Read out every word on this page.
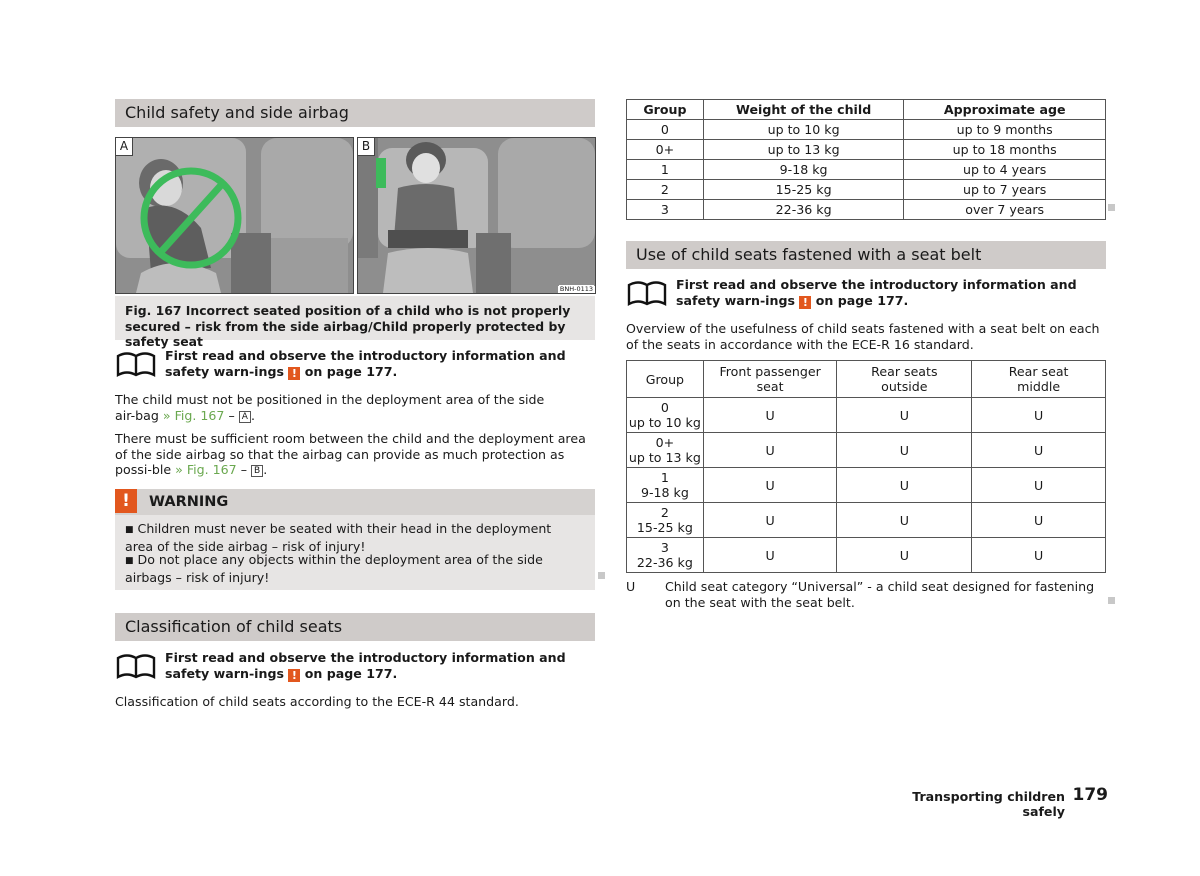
Child safety and side airbag
A	B
BNH-0113
Fig. 167 Incorrect seated position of a child who is not properly secured – risk from the side airbag/Child properly protected by safety seat
First read and observe the introductory information and safety warn-ings ! on page 177.
The child must not be positioned in the deployment area of the side air-bag » Fig. 167 – A .
There must be sufficient room between the child and the deployment area of the side airbag so that the airbag can provide as much protection as possi-ble » Fig. 167 – B .
WARNING
!
■ Children must never be seated with their head in the deployment area of the side airbag – risk of injury!
■ Do not place any objects within the deployment area of the side airbags – risk of injury!
Classification of child seats
First read and observe the introductory information and safety warn-ings ! on page 177.
Classification of child seats according to the ECE-R 44 standard.
Group	Weight of the child	Approximate age
0	up to 10 kg	up to 9 months
0+	up to 13 kg	up to 18 months
1	9-18 kg	up to 4 years
2	15-25 kg	up to 7 years
3	22-36 kg	over 7 years
Use of child seats fastened with a seat belt
First read and observe the introductory information and safety warn-ings ! on page 177.
Overview of the usefulness of child seats fastened with a seat belt on each of the seats in accordance with the ECE-R 16 standard.
Group	Front passenger seat	Rear seats outside	Rear seat middle

0
up to 10 kg	U	U	U

0+
up to 13 kg	U	U	U

1
9-18 kg	U	U	U

2
15-25 kg	U	U	U

3
22-36 kg	U	U	U
U Child seat category “Universal” - a child seat designed for fastening on the seat with the seat belt.
Transporting children safely
179
